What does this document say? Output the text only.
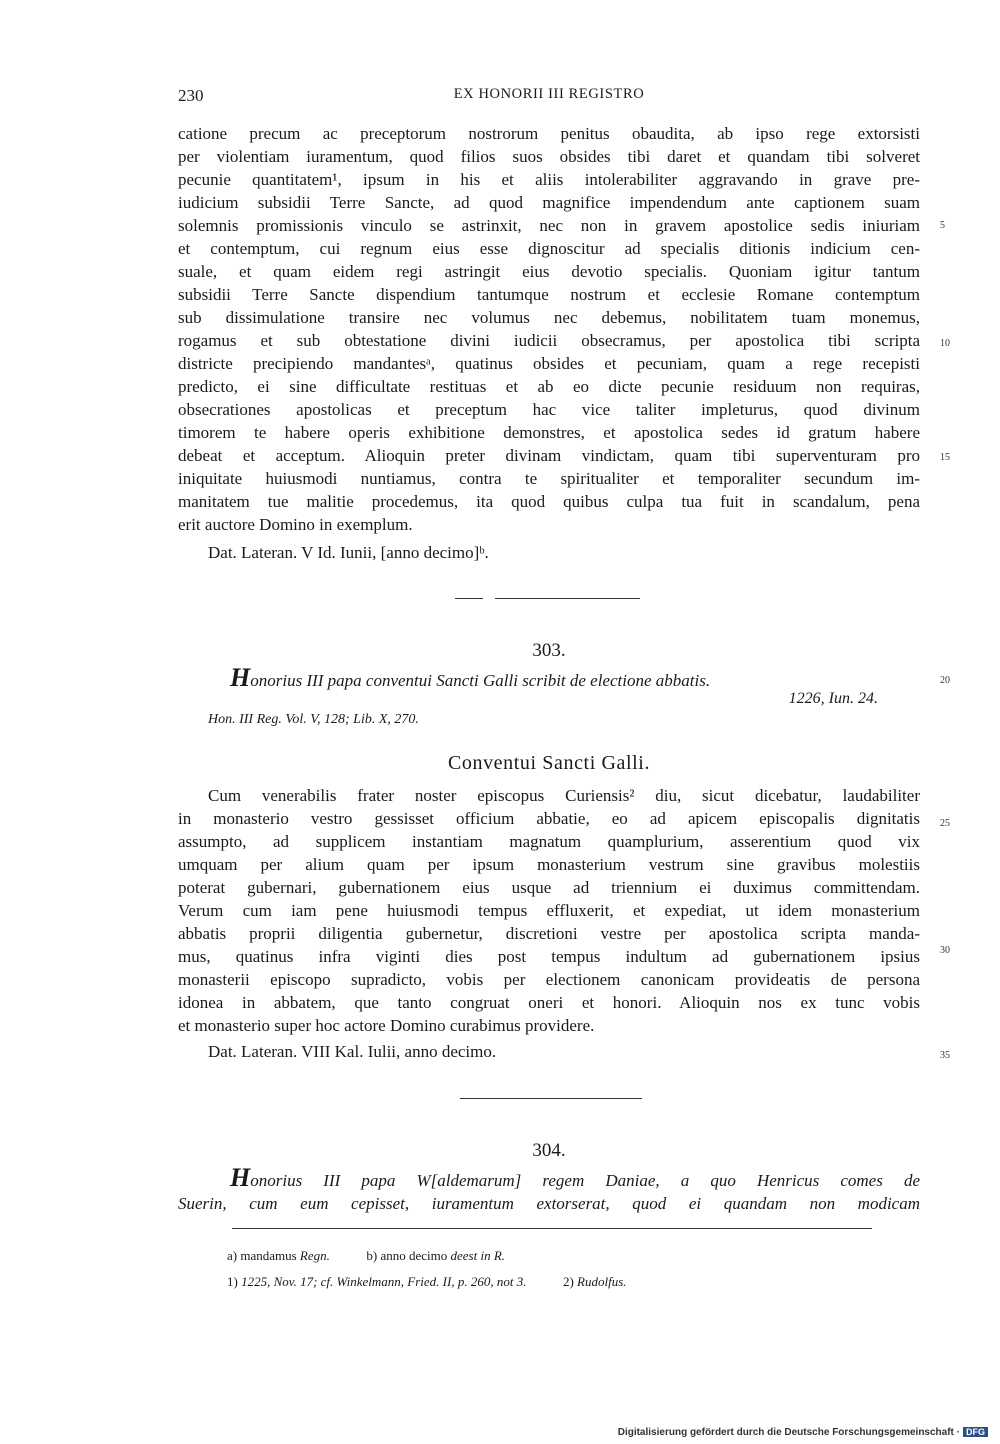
230	EX HONORII III REGISTRO
catione precum ac preceptorum nostrorum penitus obaudita, ab ipso rege extorsisti
per violentiam iuramentum, quod filios suos obsides tibi daret et quandam tibi solveret
pecunie quantitatem¹, ipsum in his et aliis intolerabiliter aggravando in grave pre-
iudicium subsidii Terre Sancte, ad quod magnifice impendendum ante captionem suam
solemnis promissionis vinculo se astrinxit, nec non in gravem apostolice sedis iniuriam
et contemptum, cui regnum eius esse dignoscitur ad specialis ditionis indicium cen-
suale, et quam eidem regi astringit eius devotio specialis. Quoniam igitur tantum
subsidii Terre Sancte dispendium tantumque nostrum et ecclesie Romane contemptum
sub dissimulatione transire nec volumus nec debemus, nobilitatem tuam monemus,
rogamus et sub obtestatione divini iudicii obsecramus, per apostolica tibi scripta
districte precipiendo mandantesᵃ, quatinus obsides et pecuniam, quam a rege recepisti
predicto, ei sine difficultate restituas et ab eo dicte pecunie residuum non requiras,
obsecrationes apostolicas et preceptum hac vice taliter impleturus, quod divinum
timorem te habere operis exhibitione demonstres, et apostolica sedes id gratum habere
debeat et acceptum. Alioquin preter divinam vindictam, quam tibi superventuram pro
iniquitate huiusmodi nuntiamus, contra te spiritualiter et temporaliter secundum im-
manitatem tue malitie procedemus, ita quod quibus culpa tua fuit in scandalum, pena
erit auctore Domino in exemplum.
Dat. Lateran. V Id. Iunii, [anno decimo]ᵇ.
303.
Honorius III papa conventui Sancti Galli scribit de electione abbatis.
1226, Iun. 24.
Hon. III Reg. Vol. V, 128; Lib. X, 270.
Conventui Sancti Galli.
Cum venerabilis frater noster episcopus Curiensis² diu, sicut dicebatur, laudabiliter
in monasterio vestro gessisset officium abbatie, eo ad apicem episcopalis dignitatis
assumpto, ad supplicem instantiam magnatum quamplurium, asserentium quod vix
umquam per alium quam per ipsum monasterium vestrum sine gravibus molestiis
poterat gubernari, gubernationem eius usque ad triennium ei duximus committendam.
Verum cum iam pene huiusmodi tempus effluxerit, et expediat, ut idem monasterium
abbatis proprii diligentia gubernetur, discretioni vestre per apostolica scripta manda-
mus, quatinus infra viginti dies post tempus indultum ad gubernationem ipsius
monasterii episcopo supradicto, vobis per electionem canonicam provideatis de persona
idonea in abbatem, que tanto congruat oneri et honori. Alioquin nos ex tunc vobis
et monasterio super hoc actore Domino curabimus providere.
Dat. Lateran. VIII Kal. Iulii, anno decimo.
304.
Honorius III papa W[aldemarum] regem Daniae, a quo Henricus comes de
Suerin, cum eum cepisset, iuramentum extorserat, quod ei quandam non modicam
a) mandamus Regn.	b) anno decimo deest in R.
1) 1225, Nov. 17; cf. Winkelmann, Fried. II, p. 260, not 3.	2) Rudolfus.
5
10
15
20
25
30
35
Digitalisierung gefördert durch die Deutsche Forschungsgemeinschaft · DFG
